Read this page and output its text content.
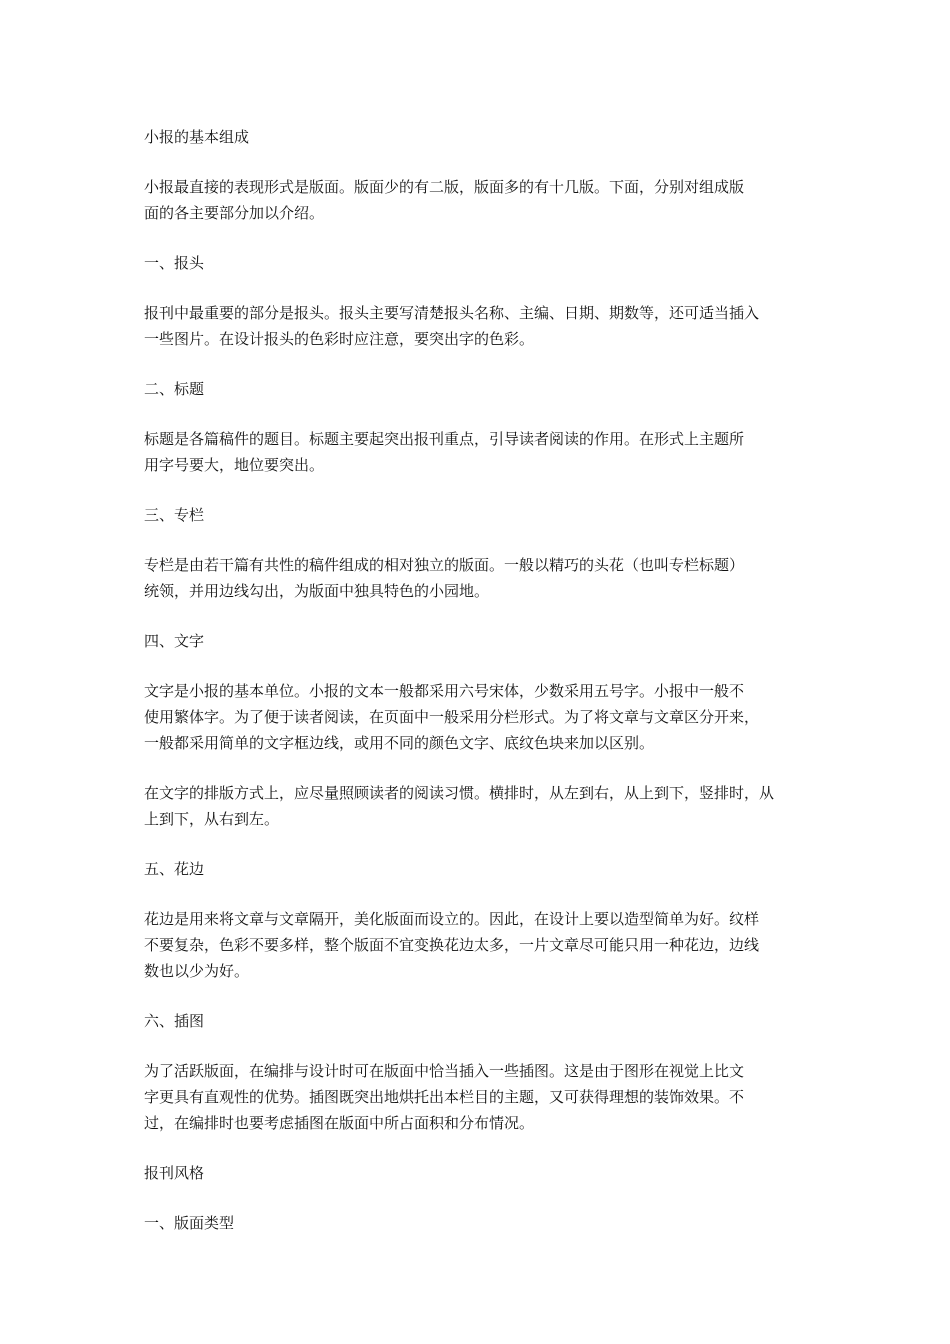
小报的基本组成

小报最直接的表现形式是版面。版面少的有二版，版面多的有十几版。下面，分别对组成版
面的各主要部分加以介绍。

一、报头

报刊中最重要的部分是报头。报头主要写清楚报头名称、主编、日期、期数等，还可适当插入
一些图片。在设计报头的色彩时应注意，要突出字的色彩。

二、标题

标题是各篇稿件的题目。标题主要起突出报刊重点，引导读者阅读的作用。在形式上主题所
用字号要大，地位要突出。

三、专栏

专栏是由若干篇有共性的稿件组成的相对独立的版面。一般以精巧的头花（也叫专栏标题）
统领，并用边线勾出，为版面中独具特色的小园地。

四、文字

文字是小报的基本单位。小报的文本一般都采用六号宋体，少数采用五号字。小报中一般不
使用繁体字。为了便于读者阅读，在页面中一般采用分栏形式。为了将文章与文章区分开来，
一般都采用简单的文字框边线，或用不同的颜色文字、底纹色块来加以区别。

在文字的排版方式上，应尽量照顾读者的阅读习惯。横排时，从左到右，从上到下，竖排时，从
上到下，从右到左。

五、花边

花边是用来将文章与文章隔开，美化版面而设立的。因此，在设计上要以造型简单为好。纹样
不要复杂，色彩不要多样，整个版面不宜变换花边太多，一片文章尽可能只用一种花边，边线
数也以少为好。

六、插图

为了活跃版面，在编排与设计时可在版面中恰当插入一些插图。这是由于图形在视觉上比文
字更具有直观性的优势。插图既突出地烘托出本栏目的主题，又可获得理想的装饰效果。不
过，在编排时也要考虑插图在版面中所占面积和分布情况。

报刊风格

一、版面类型
